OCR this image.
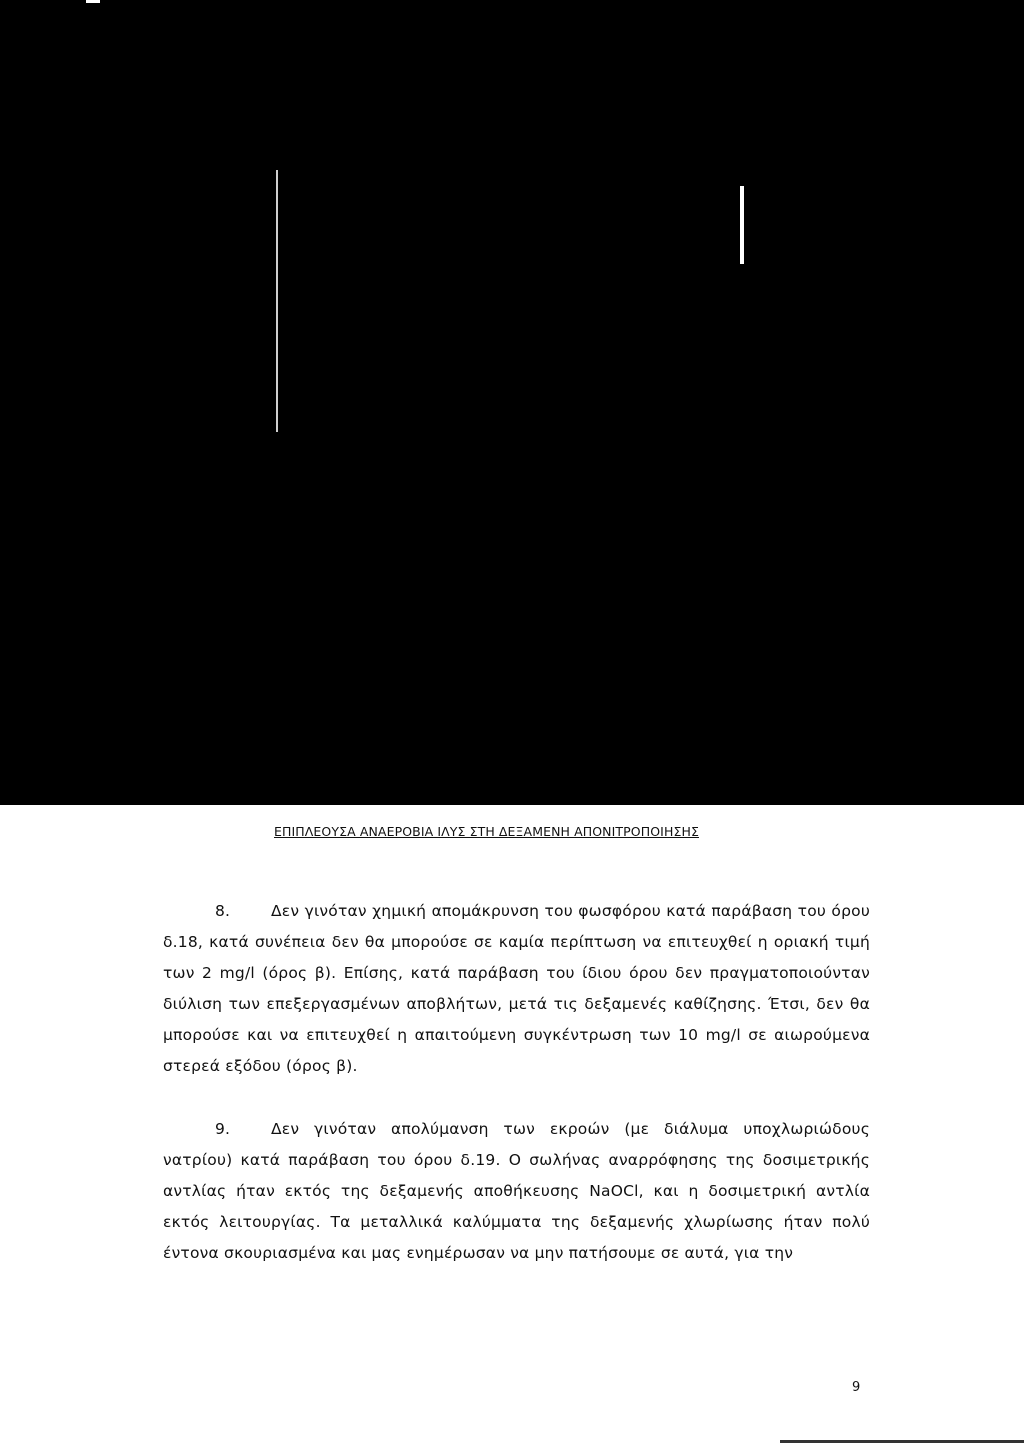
ΕΠΙΠΛΕΟΥΣΑ ΑΝΑΕΡΟΒΙΑ ΙΛΥΣ ΣΤΗ ΔΕΞΑΜΕΝΗ ΑΠΟΝΙΤΡΟΠΟΙΗΣΗΣ
8.	Δεν γινόταν χημική απομάκρυνση του φωσφόρου κατά παράβαση του όρου δ.18, κατά συνέπεια δεν θα μπορούσε σε καμία περίπτωση να επιτευχθεί η οριακή τιμή των 2 mg/l (όρος β). Επίσης, κατά παράβαση του ίδιου όρου δεν πραγματοποιούνταν διύλιση των επεξεργασμένων αποβλήτων, μετά τις δεξαμενές καθίζησης. Έτσι, δεν θα μπορούσε και να επιτευχθεί η απαιτούμενη συγκέντρωση των 10 mg/l σε αιωρούμενα στερεά εξόδου (όρος β).
9.	Δεν γινόταν απολύμανση των εκροών (με διάλυμα υποχλωριώδους νατρίου) κατά παράβαση του όρου δ.19. Ο σωλήνας αναρρόφησης της δοσιμετρικής αντλίας ήταν εκτός της δεξαμενής αποθήκευσης NaOCl, και η δοσιμετρική αντλία εκτός λειτουργίας. Τα μεταλλικά καλύμματα της δεξαμενής χλωρίωσης ήταν πολύ έντονα σκουριασμένα και μας ενημέρωσαν να μην πατήσουμε σε αυτά, για την
9
